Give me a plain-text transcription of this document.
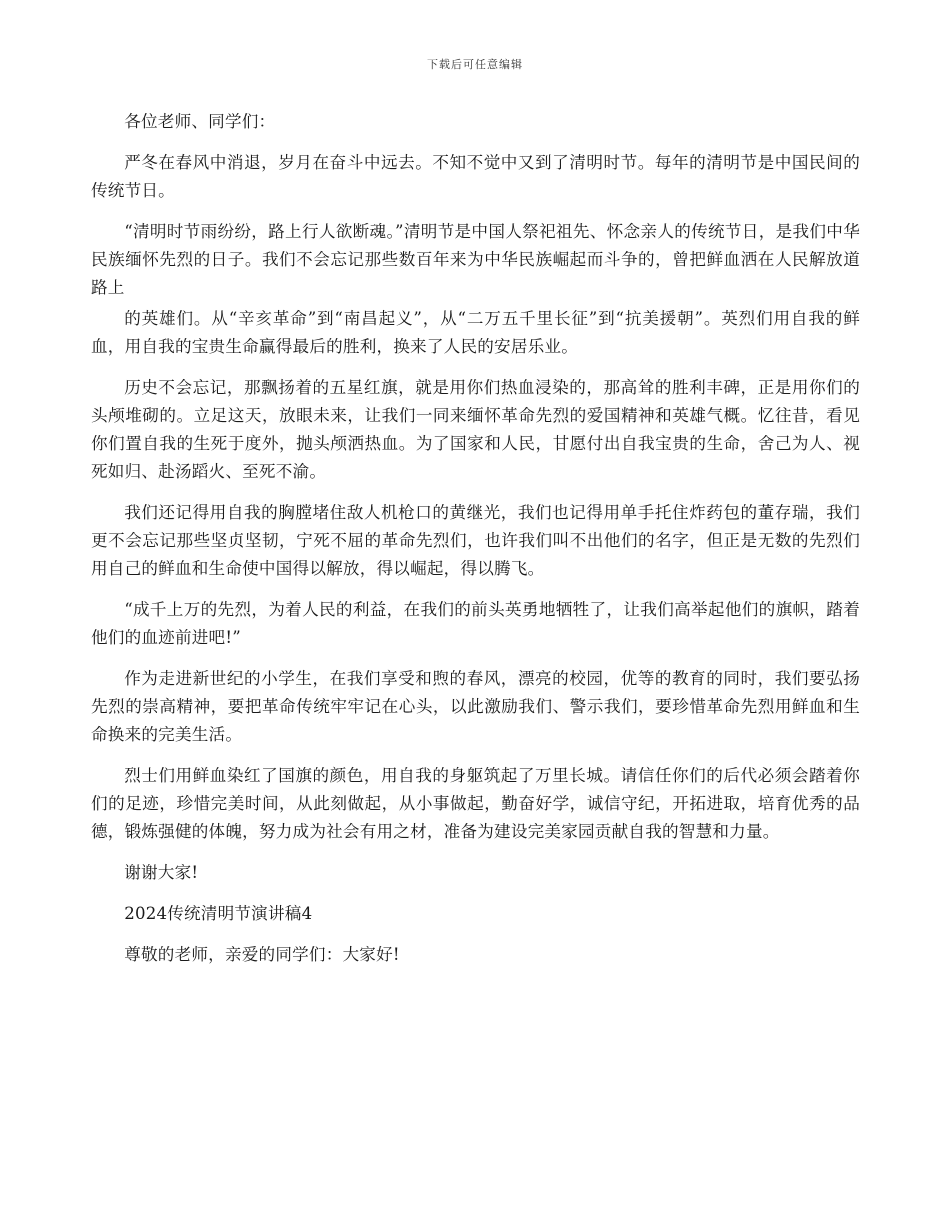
下载后可任意编辑

各位老师、同学们：

严冬在春风中消退，岁月在奋斗中远去。不知不觉中又到了清明时节。每年的清明节是中国民间的传统节日。

“清明时节雨纷纷，路上行人欲断魂。”清明节是中国人祭祀祖先、怀念亲人的传统节日，是我们中华民族缅怀先烈的日子。我们不会忘记那些数百年来为中华民族崛起而斗争的，曾把鲜血洒在人民解放道路上

的英雄们。从“辛亥革命”到“南昌起义”，从“二万五千里长征”到“抗美援朝”。英烈们用自我的鲜血，用自我的宝贵生命赢得最后的胜利，换来了人民的安居乐业。

历史不会忘记，那飘扬着的五星红旗，就是用你们热血浸染的，那高耸的胜利丰碑，正是用你们的头颅堆砌的。立足这天，放眼未来，让我们一同来缅怀革命先烈的爱国精神和英雄气概。忆往昔，看见你们置自我的生死于度外，抛头颅洒热血。为了国家和人民，甘愿付出自我宝贵的生命，舍己为人、视死如归、赴汤蹈火、至死不渝。

我们还记得用自我的胸膛堵住敌人机枪口的黄继光，我们也记得用单手托住炸药包的董存瑞，我们更不会忘记那些坚贞坚韧，宁死不屈的革命先烈们，也许我们叫不出他们的名字，但正是无数的先烈们用自己的鲜血和生命使中国得以解放，得以崛起，得以腾飞。

“成千上万的先烈，为着人民的利益，在我们的前头英勇地牺牲了，让我们高举起他们的旗帜，踏着他们的血迹前进吧!”

作为走进新世纪的小学生，在我们享受和煦的春风，漂亮的校园，优等的教育的同时，我们要弘扬先烈的崇高精神，要把革命传统牢牢记在心头，以此激励我们、警示我们，要珍惜革命先烈用鲜血和生命换来的完美生活。

烈士们用鲜血染红了国旗的颜色，用自我的身躯筑起了万里长城。请信任你们的后代必须会踏着你们的足迹，珍惜完美时间，从此刻做起，从小事做起，勤奋好学，诚信守纪，开拓进取，培育优秀的品德，锻炼强健的体魄，努力成为社会有用之材，准备为建设完美家园贡献自我的智慧和力量。

谢谢大家!

2024传统清明节演讲稿4

尊敬的老师，亲爱的同学们：大家好!
